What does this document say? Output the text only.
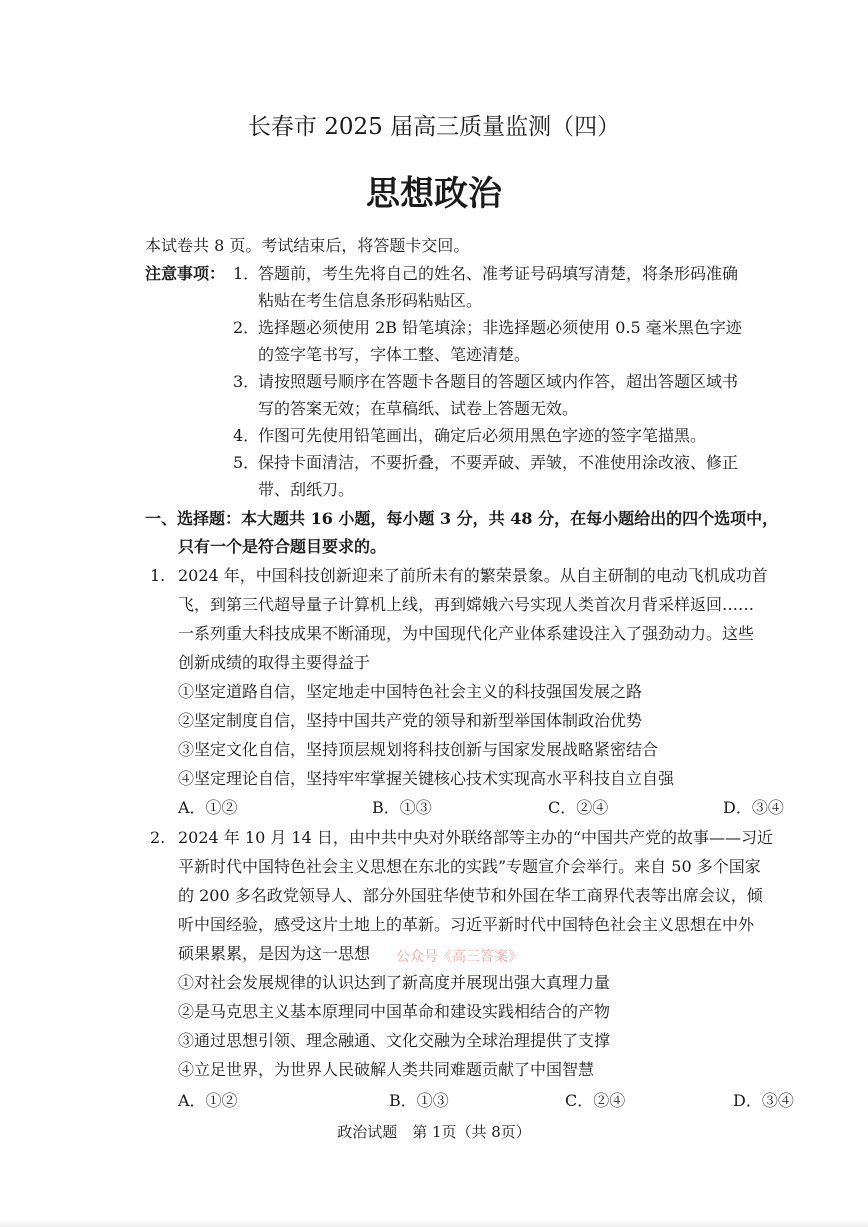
长春市 2025 届高三质量监测（四）
思想政治
本试卷共 8 页。考试结束后，将答题卡交回。
注意事项： 1．
答题前，考生先将自己的姓名、准考证号码填写清楚，将条形码准确
粘贴在考生信息条形码粘贴区。
2．
选择题必须使用 2B 铅笔填涂；非选择题必须使用 0.5 毫米黑色字迹
的签字笔书写，字体工整、笔迹清楚。
3．
请按照题号顺序在答题卡各题目的答题区域内作答，超出答题区域书
写的答案无效；在草稿纸、试卷上答题无效。
4．
作图可先使用铅笔画出，确定后必须用黑色字迹的签字笔描黑。
5．
保持卡面清洁，不要折叠，不要弄破、弄皱，不准使用涂改液、修正
带、刮纸刀。
一、选择题：本大题共 16 小题，每小题 3 分，共 48 分，在每小题给出的四个选项中，
只有一个是符合题目要求的。
1. 2024 年，中国科技创新迎来了前所未有的繁荣景象。从自主研制的电动飞机成功首
飞，到第三代超导量子计算机上线，再到嫦娥六号实现人类首次月背采样返回……
一系列重大科技成果不断涌现，为中国现代化产业体系建设注入了强劲动力。这些
创新成绩的取得主要得益于
①坚定道路自信，坚定地走中国特色社会主义的科技强国发展之路
②坚定制度自信，坚持中国共产党的领导和新型举国体制政治优势
③坚定文化自信，坚持顶层规划将科技创新与国家发展战略紧密结合
④坚定理论自信，坚持牢牢掌握关键核心技术实现高水平科技自立自强
A．①②	B．①③	C．②④	D．③④
2. 2024 年 10 月 14 日，由中共中央对外联络部等主办的“中国共产党的故事——习近
平新时代中国特色社会主义思想在东北的实践”专题宣介会举行。来自 50 多个国家
的 200 多名政党领导人、部分外国驻华使节和外国在华工商界代表等出席会议，倾
听中国经验，感受这片土地上的革新。习近平新时代中国特色社会主义思想在中外
硕果累累，是因为这一思想 公众号《高三答案》
①对社会发展规律的认识达到了新高度并展现出强大真理力量
②是马克思主义基本原理同中国革命和建设实践相结合的产物
③通过思想引领、理念融通、文化交融为全球治理提供了支撑
④立足世界，为世界人民破解人类共同难题贡献了中国智慧
A．①②	B．①③	C．②④	D．③④
政治试题　第 1页（共 8页）
